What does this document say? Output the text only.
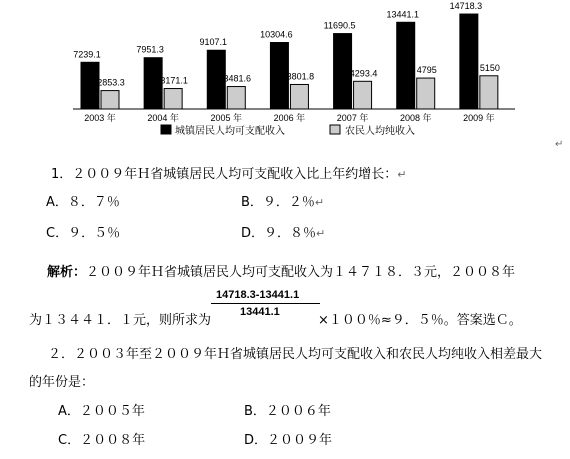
7239.1
2853.3
2003 年
7951.3
3171.1
2004 年
9107.1
3481.6
2005 年
10304.6
3801.8
2006 年
11690.5
4293.4
2007 年
13441.1
4795
2008 年
14718.3
5150
2009 年
城镇居民人均可支配收入	农民人均纯收入
↵
1．２００９年Ｈ省城镇居民人均可支配收入比上年约增长：↵
A．８．７％	B．９．２％↵
C．９．５％	D．９．８％↵
解析：２００９年Ｈ省城镇居民人均可支配收入为１４７１８．３元，２００８年
为１３４４１．１元，则所求为
14718.3-13441.1
13441.1
×１００％≈９．５％。答案选Ｃ。
２．２００３年至２００９年Ｈ省城镇居民人均可支配收入和农民人均纯收入相差最大
的年份是：
A．２００５年	B．２００６年
C．２００８年	D．２００９年
